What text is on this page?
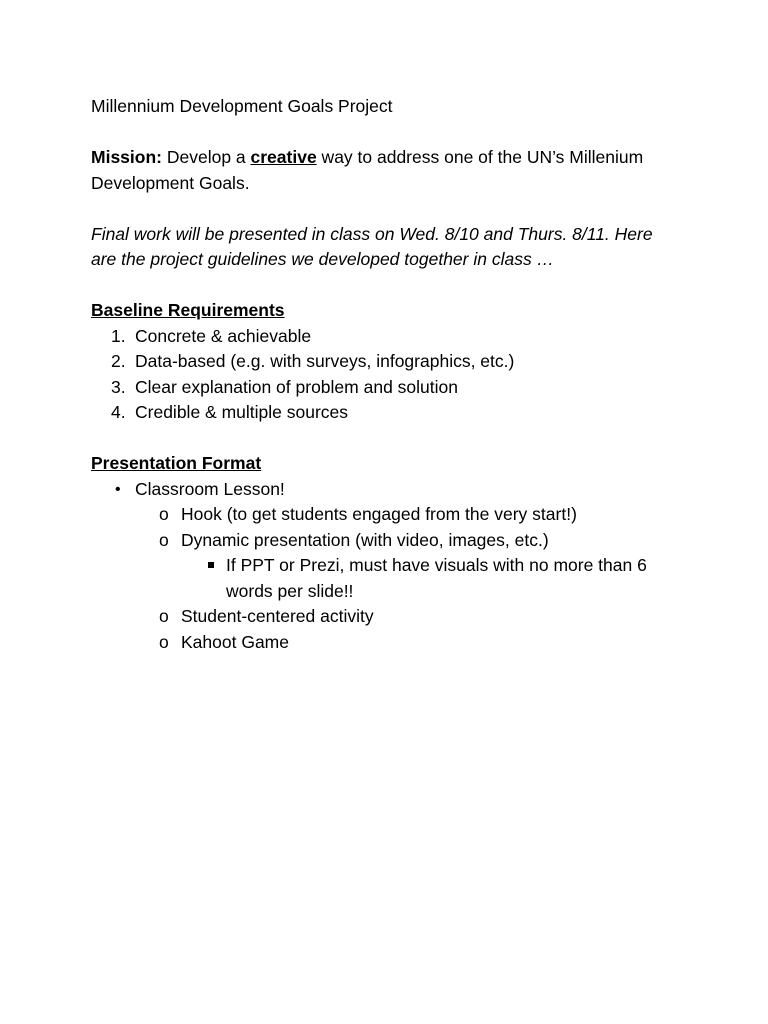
Millennium Development Goals Project
Mission: Develop a creative way to address one of the UN’s Millenium
Development Goals.
Final work will be presented in class on Wed. 8/10 and Thurs. 8/11. Here
are the project guidelines we developed together in class …
Baseline Requirements
1. Concrete & achievable
2. Data-based (e.g. with surveys, infographics, etc.)
3. Clear explanation of problem and solution
4. Credible & multiple sources
Presentation Format
• Classroom Lesson!
o Hook (to get students engaged from the very start!)
o Dynamic presentation (with video, images, etc.)
If PPT or Prezi, must have visuals with no more than 6 words per slide!!
o Student-centered activity
o Kahoot Game
